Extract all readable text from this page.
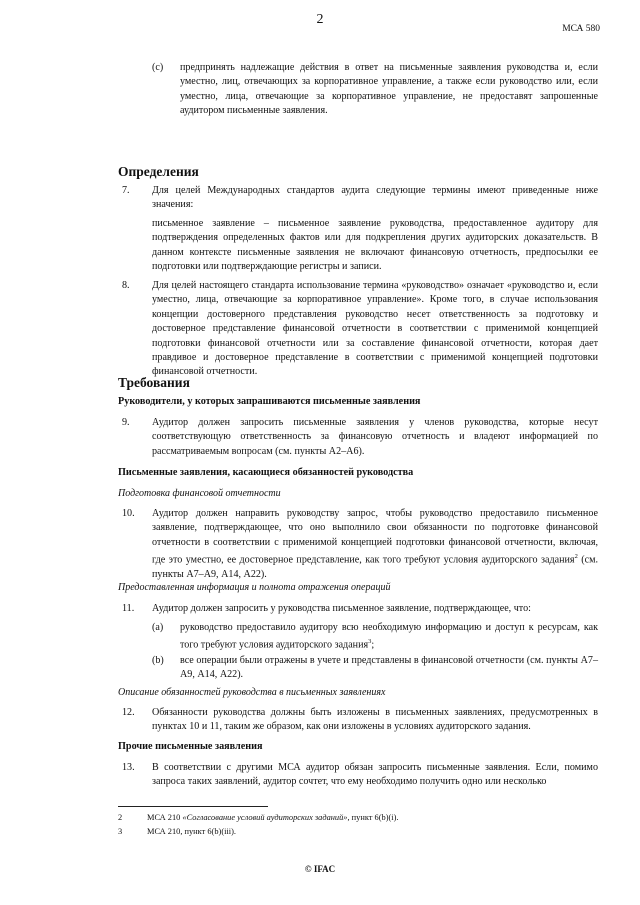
2
МСА 580
(c) предпринять надлежащие действия в ответ на письменные заявления руководства и, если уместно, лиц, отвечающих за корпоративное управление, а также если руководство или, если уместно, лица, отвечающие за корпоративное управление, не предоставят запрошенные аудитором письменные заявления.
Определения
7. Для целей Международных стандартов аудита следующие термины имеют приведенные ниже значения:
письменное заявление – письменное заявление руководства, предоставленное аудитору для подтверждения определенных фактов или для подкрепления других аудиторских доказательств. В данном контексте письменные заявления не включают финансовую отчетность, предпосылки ее подготовки или подтверждающие регистры и записи.
8. Для целей настоящего стандарта использование термина «руководство» означает «руководство и, если уместно, лица, отвечающие за корпоративное управление». Кроме того, в случае использования концепции достоверного представления руководство несет ответственность за подготовку и достоверное представление финансовой отчетности в соответствии с применимой концепцией подготовки финансовой отчетности или за составление финансовой отчетности, которая дает правдивое и достоверное представление в соответствии с применимой концепцией подготовки финансовой отчетности.
Требования
Руководители, у которых запрашиваются письменные заявления
9. Аудитор должен запросить письменные заявления у членов руководства, которые несут соответствующую ответственность за финансовую отчетность и владеют информацией по рассматриваемым вопросам (см. пункты А2–А6).
Письменные заявления, касающиеся обязанностей руководства
Подготовка финансовой отчетности
10. Аудитор должен направить руководству запрос, чтобы руководство предоставило письменное заявление, подтверждающее, что оно выполнило свои обязанности по подготовке финансовой отчетности в соответствии с применимой концепцией подготовки финансовой отчетности, включая, где это уместно, ее достоверное представление, как того требуют условия аудиторского задания$^2$ (см. пункты А7–А9, А14, А22).
Предоставленная информация и полнота отражения операций
11. Аудитор должен запросить у руководства письменное заявление, подтверждающее, что:
(a) руководство предоставило аудитору всю необходимую информацию и доступ к ресурсам, как того требуют условия аудиторского задания$^3$;
(b) все операции были отражены в учете и представлены в финансовой отчетности (см. пункты А7–А9, А14, А22).
Описание обязанностей руководства в письменных заявлениях
12. Обязанности руководства должны быть изложены в письменных заявлениях, предусмотренных в пунктах 10 и 11, таким же образом, как они изложены в условиях аудиторского задания.
Прочие письменные заявления
13. В соответствии с другими МСА аудитор обязан запросить письменные заявления. Если, помимо запроса таких заявлений, аудитор сочтет, что ему необходимо получить одно или несколько
2	МСА 210 «Согласование условий аудиторских заданий», пункт 6(b)(i).
3	МСА 210, пункт 6(b)(iii).
© IFAC
